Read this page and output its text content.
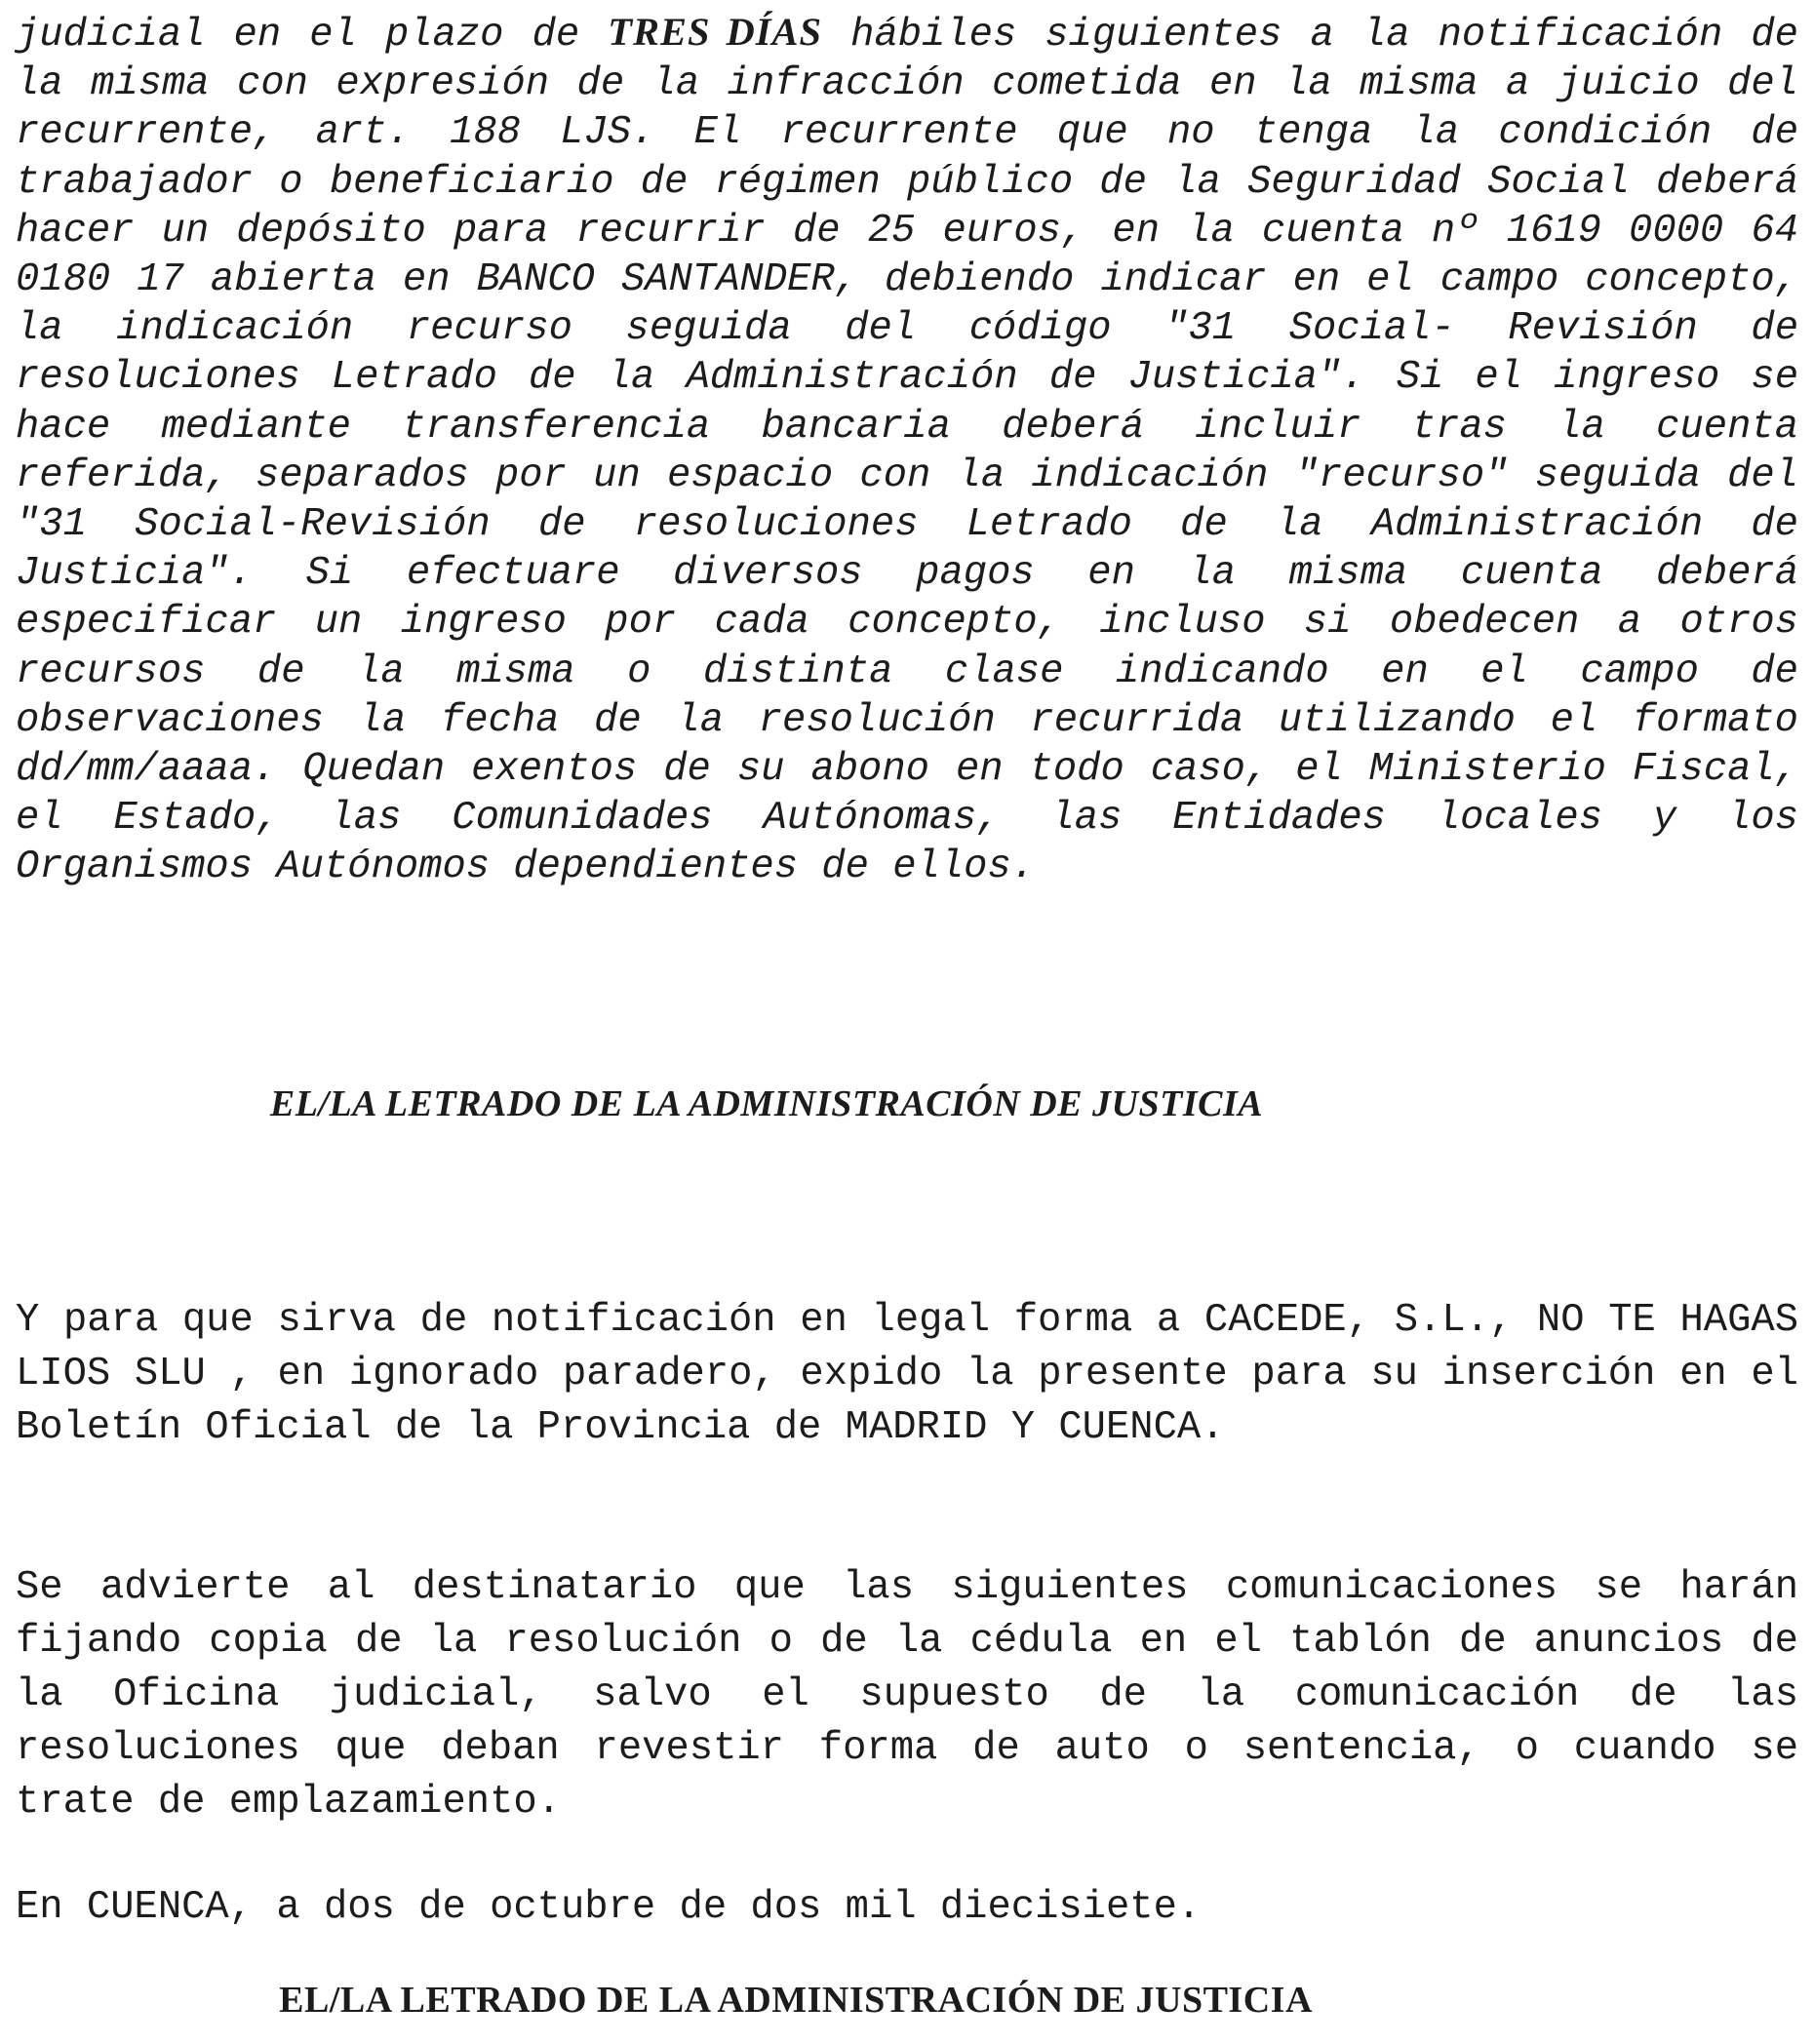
judicial en el plazo de TRES DÍAS hábiles siguientes a la notificación de la misma con expresión de la infracción cometida en la misma a juicio del recurrente, art. 188 LJS. El recurrente que no tenga la condición de trabajador o beneficiario de régimen público de la Seguridad Social deberá hacer un depósito para recurrir de 25 euros, en la cuenta nº 1619 0000 64 0180 17 abierta en BANCO SANTANDER, debiendo indicar en el campo concepto, la indicación recurso seguida del código "31 Social- Revisión de resoluciones Letrado de la Administración de Justicia". Si el ingreso se hace mediante transferencia bancaria deberá incluir tras la cuenta referida, separados por un espacio con la indicación "recurso" seguida del "31 Social-Revisión de resoluciones Letrado de la Administración de Justicia". Si efectuare diversos pagos en la misma cuenta deberá especificar un ingreso por cada concepto, incluso si obedecen a otros recursos de la misma o distinta clase indicando en el campo de observaciones la fecha de la resolución recurrida utilizando el formato dd/mm/aaaa. Quedan exentos de su abono en todo caso, el Ministerio Fiscal, el Estado, las Comunidades Autónomas, las Entidades locales y los Organismos Autónomos dependientes de ellos.

EL/LA LETRADO DE LA ADMINISTRACIÓN DE JUSTICIA

Y para que sirva de notificación en legal forma a CACEDE, S.L., NO TE HAGAS LIOS SLU , en ignorado paradero, expido la presente para su inserción en el Boletín Oficial de la Provincia de MADRID Y CUENCA.

Se advierte al destinatario que las siguientes comunicaciones se harán fijando copia de la resolución o de la cédula en el tablón de anuncios de la Oficina judicial, salvo el supuesto de la comunicación de las resoluciones que deban revestir forma de auto o sentencia, o cuando se trate de emplazamiento.

En CUENCA, a dos de octubre de dos mil diecisiete.

EL/LA LETRADO DE LA ADMINISTRACIÓN DE JUSTICIA
